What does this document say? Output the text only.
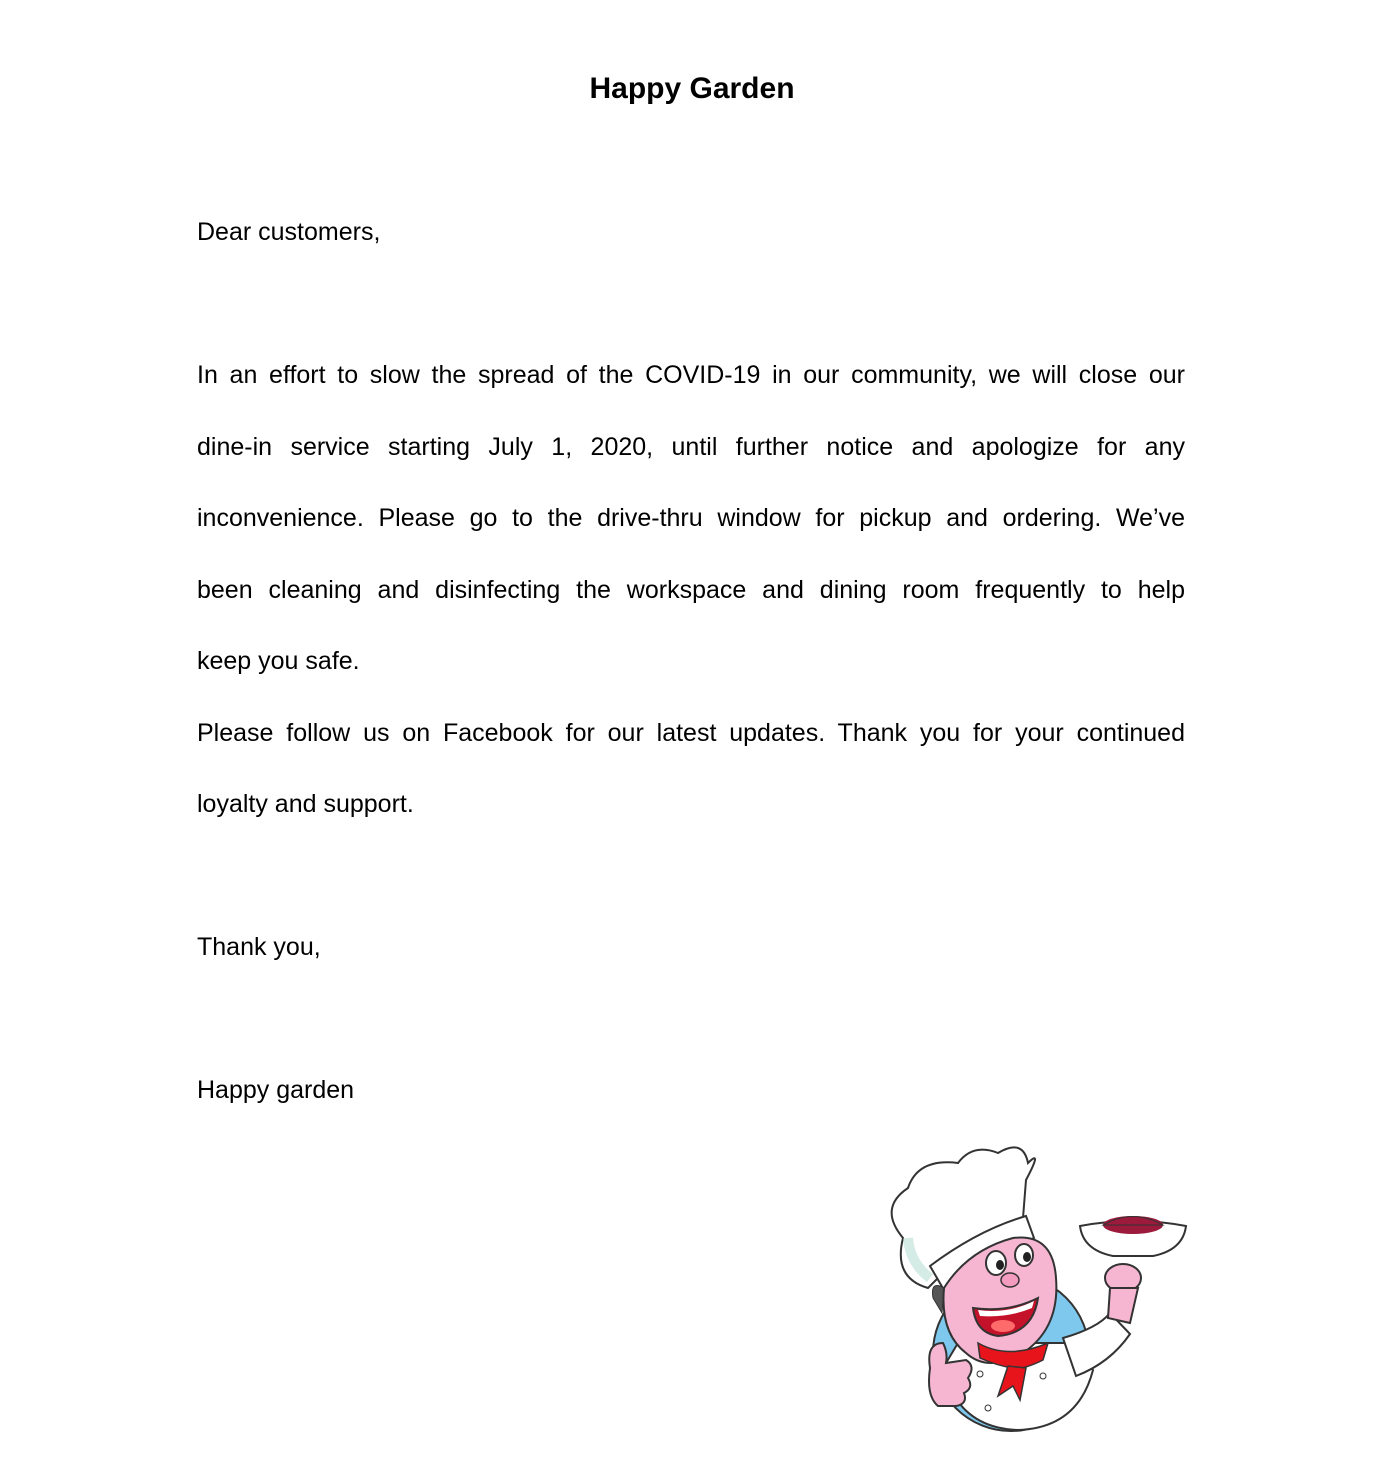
Happy Garden

Dear customers,

In an effort to slow the spread of the COVID-19 in our community, we will close our

dine-in service starting July 1, 2020, until further notice and apologize for any

inconvenience. Please go to the drive-thru window for pickup and ordering. We’ve

been cleaning and disinfecting the workspace and dining room frequently to help

keep you safe.

Please follow us on Facebook for our latest updates. Thank you for your continued

loyalty and support.

Thank you,

Happy garden
